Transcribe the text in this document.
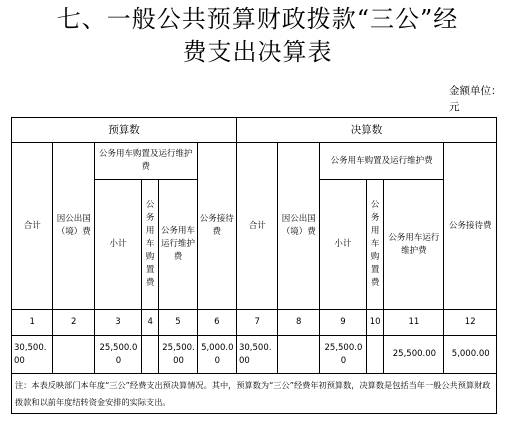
七、一般公共预算财政拨款“三公”经
费支出决算表
金额单位：元
预算数						决算数					
合计	因公出国（境）费	公务用车购置及运行维护费			公务接待费	合计	因公出国（境）费	公务用车购置及运行维护费			公务接待费
		小计	公务用车购置费	公务用车运行维护费				小计	公务用车购置费	公务用车运行维护费	
1	2	3	4	5	6	7	8	9	10	11	12
30,500.00		25,500.00		25,500.00	5,000.00	30,500.00		25,500.00		25,500.00	5,000.00
注：本表反映部门本年度“三公”经费支出预决算情况。其中，预算数为“三公”经费年初预算数，决算数是包括当年一般公共预算财政拨款和以前年度结转资金安排的实际支出。											
